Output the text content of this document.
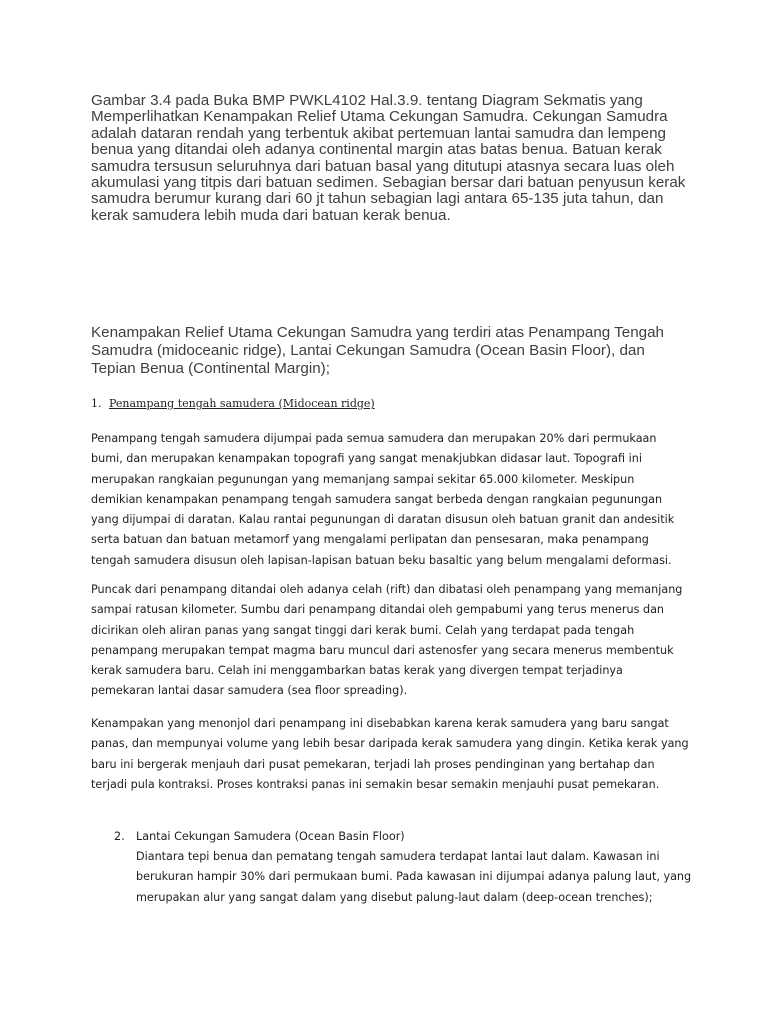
Gambar 3.4 pada Buka BMP PWKL4102 Hal.3.9. tentang Diagram Sekmatis yang Memperlihatkan Kenampakan Relief Utama Cekungan Samudra. Cekungan Samudra adalah dataran rendah yang terbentuk akibat pertemuan lantai samudra dan lempeng benua yang ditandai oleh adanya continental margin atas batas benua. Batuan kerak samudra tersusun seluruhnya dari batuan basal yang ditutupi atasnya secara luas oleh akumulasi yang titpis dari batuan sedimen. Sebagian bersar dari batuan penyusun kerak samudra berumur kurang dari 60 jt tahun sebagian lagi antara 65-135 juta tahun, dan kerak samudera lebih muda dari batuan kerak benua.

Kenampakan Relief Utama Cekungan Samudra yang terdiri atas Penampang Tengah Samudra (midoceanic ridge), Lantai Cekungan Samudra (Ocean Basin Floor), dan Tepian Benua (Continental Margin);

1. Penampang tengah samudera (Midocean ridge)

Penampang tengah samudera dijumpai pada semua samudera dan merupakan 20% dari permukaan bumi, dan merupakan kenampakan topografi yang sangat menakjubkan didasar laut. Topografi ini merupakan rangkaian pegunungan yang memanjang sampai sekitar 65.000 kilometer. Meskipun demikian kenampakan penampang tengah samudera sangat berbeda dengan rangkaian pegunungan yang dijumpai di daratan. Kalau rantai pegunungan di daratan disusun oleh batuan granit dan andesitik serta batuan dan batuan metamorf yang mengalami perlipatan dan pensesaran, maka penampang tengah samudera disusun oleh lapisan-lapisan batuan beku basaltic yang belum mengalami deformasi.

Puncak dari penampang ditandai oleh adanya celah (rift) dan dibatasi oleh penampang yang memanjang sampai ratusan kilometer. Sumbu dari penampang ditandai oleh gempabumi yang terus menerus dan dicirikan oleh aliran panas yang sangat tinggi dari kerak bumi. Celah yang terdapat pada tengah penampang merupakan tempat magma baru muncul dari astenosfer yang secara menerus membentuk kerak samudera baru. Celah ini menggambarkan batas kerak yang divergen tempat terjadinya pemekaran lantai dasar samudera (sea floor spreading).

Kenampakan yang menonjol dari penampang ini disebabkan karena kerak samudera yang baru sangat panas, dan mempunyai volume yang lebih besar daripada kerak samudera yang dingin. Ketika kerak yang baru ini bergerak menjauh dari pusat pemekaran, terjadi lah proses pendinginan yang bertahap dan terjadi pula kontraksi. Proses kontraksi panas ini semakin besar semakin menjauhi pusat pemekaran.

2. Lantai Cekungan Samudera (Ocean Basin Floor)

Diantara tepi benua dan pematang tengah samudera terdapat lantai laut dalam. Kawasan ini berukuran hampir 30% dari permukaan bumi. Pada kawasan ini dijumpai adanya palung laut, yang merupakan alur yang sangat dalam yang disebut palung-laut dalam (deep-ocean trenches);
